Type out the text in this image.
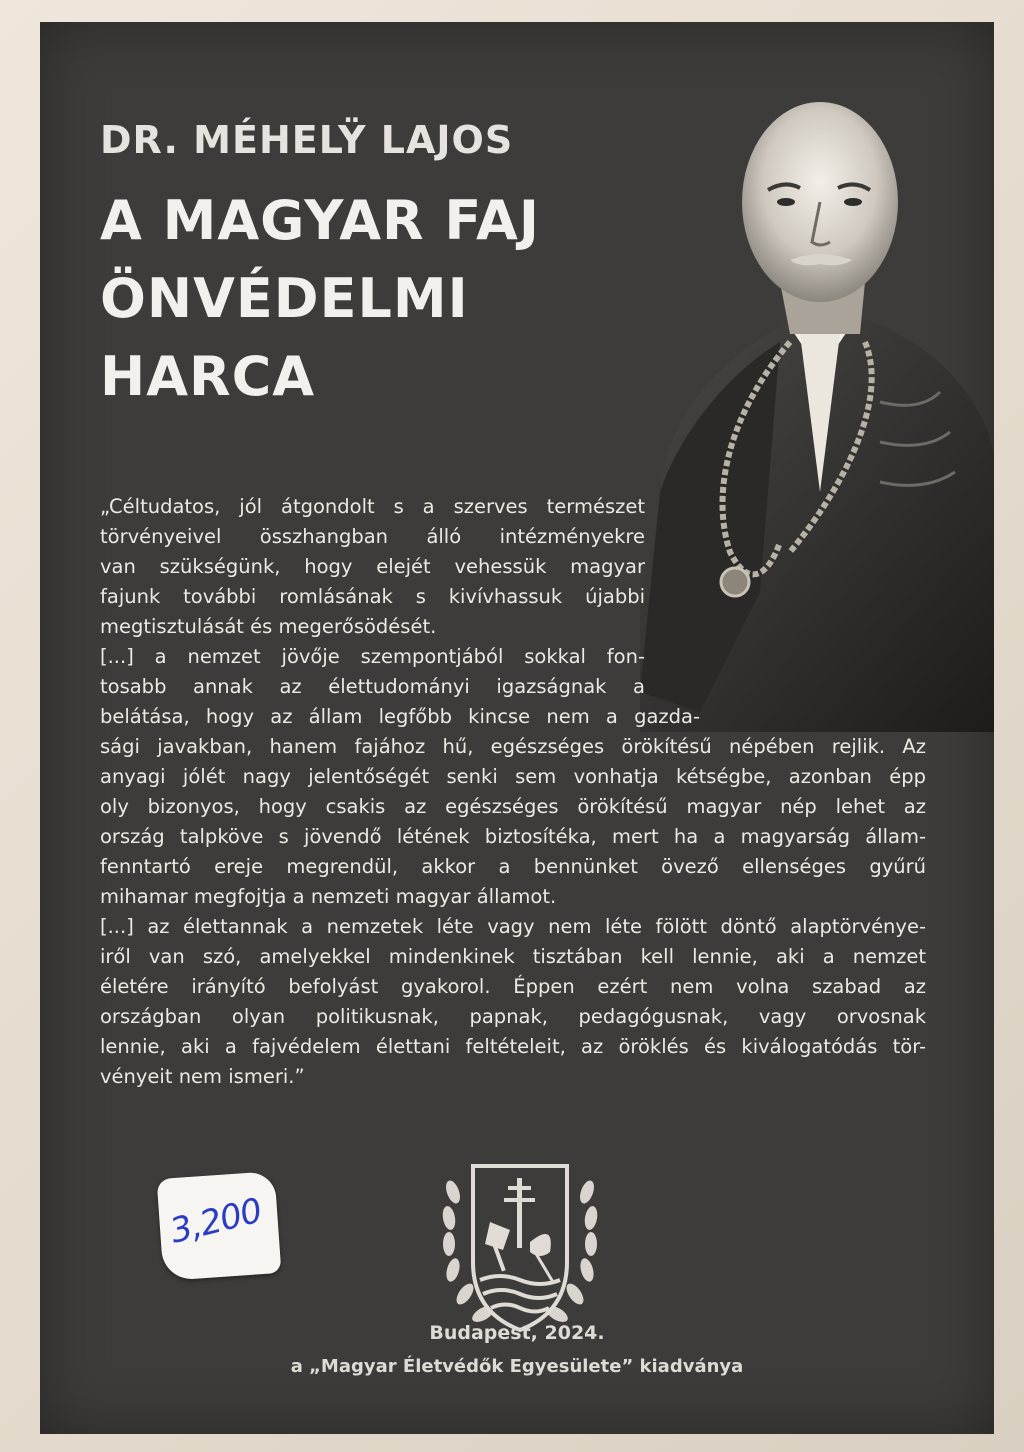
DR. MÉHELŸ LAJOS
A MAGYAR FAJ
ÖNVÉDELMI
HARCA
„Céltudatos, jól átgondolt s a szerves természet
törvényeivel összhangban álló intézményekre
van szükségünk, hogy elejét vehessük magyar
fajunk további romlásának s kivívhassuk újabbi
megtisztulását és megerősödését.
[...] a nemzet jövője szempontjából sokkal fon-
tosabb annak az élettudományi igazságnak a
belátása, hogy az állam legfőbb kincse nem a gazda-
sági javakban, hanem fajához hű, egészséges örökítésű népében rejlik. Az
anyagi jólét nagy jelentőségét senki sem vonhatja kétségbe, azonban épp
oly bizonyos, hogy csakis az egészséges örökítésű magyar nép lehet az
ország talpköve s jövendő létének biztosítéka, mert ha a magyarság állam-
fenntartó ereje megrendül, akkor a bennünket övező ellenséges gyűrű
mihamar megfojtja a nemzeti magyar államot.
[...] az élettannak a nemzetek léte vagy nem léte fölött döntő alaptörvénye-
iről van szó, amelyekkel mindenkinek tisztában kell lennie, aki a nemzet
életére irányító befolyást gyakorol. Éppen ezért nem volna szabad az
országban olyan politikusnak, papnak, pedagógusnak, vagy orvosnak
lennie, aki a fajvédelem élettani feltételeit, az öröklés és kiválogatódás tör-
vényeit nem ismeri.”
Budapest, 2024.
a „Magyar Életvédők Egyesülete” kiadványa
3,200
